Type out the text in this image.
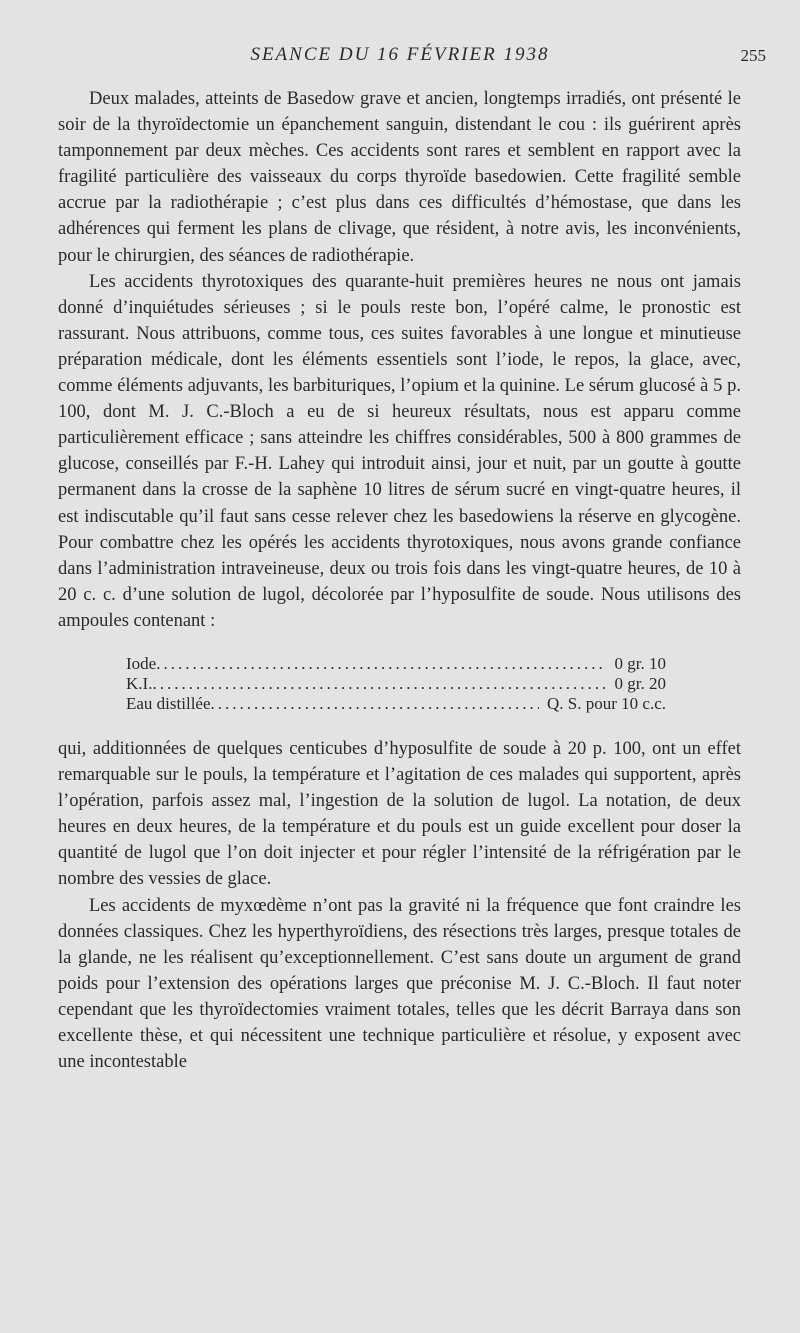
SEANCE DU 16 FÉVRIER 1938	255

Deux malades, atteints de Basedow grave et ancien, longtemps irradiés, ont présenté le soir de la thyroïdectomie un épanchement sanguin, distendant le cou : ils guérirent après tamponnement par deux mèches. Ces accidents sont rares et semblent en rapport avec la fragilité particulière des vaisseaux du corps thyroïde basedowien. Cette fragilité semble accrue par la radiothérapie ; c’est plus dans ces difficultés d’hémostase, que dans les adhérences qui ferment les plans de clivage, que résident, à notre avis, les inconvénients, pour le chirurgien, des séances de radiothérapie.

Les accidents thyrotoxiques des quarante-huit premières heures ne nous ont jamais donné d’inquiétudes sérieuses ; si le pouls reste bon, l’opéré calme, le pronostic est rassurant. Nous attribuons, comme tous, ces suites favorables à une longue et minutieuse préparation médicale, dont les éléments essentiels sont l’iode, le repos, la glace, avec, comme éléments adjuvants, les barbituriques, l’opium et la quinine. Le sérum glucosé à 5 p. 100, dont M. J. C.-Bloch a eu de si heureux résultats, nous est apparu comme particulièrement efficace ; sans atteindre les chiffres considérables, 500 à 800 grammes de glucose, conseillés par F.-H. Lahey qui introduit ainsi, jour et nuit, par un goutte à goutte permanent dans la crosse de la saphène 10 litres de sérum sucré en vingt-quatre heures, il est indiscutable qu’il faut sans cesse relever chez les basedowiens la réserve en glycogène. Pour combattre chez les opérés les accidents thyrotoxiques, nous avons grande confiance dans l’administration intraveineuse, deux ou trois fois dans les vingt-quatre heures, de 10 à 20 c. c. d’une solution de lugol, décolorée par l’hyposulfite de soude. Nous utilisons des ampoules contenant :

Iode .....	0 gr. 10
K.I. .....	0 gr. 20
Eau distillée .....	Q. S. pour 10 c.c.

qui, additionnées de quelques centicubes d’hyposulfite de soude à 20 p. 100, ont un effet remarquable sur le pouls, la température et l’agitation de ces malades qui supportent, après l’opération, parfois assez mal, l’ingestion de la solution de lugol. La notation, de deux heures en deux heures, de la température et du pouls est un guide excellent pour doser la quantité de lugol que l’on doit injecter et pour régler l’intensité de la réfrigération par le nombre des vessies de glace.

Les accidents de myxœdème n’ont pas la gravité ni la fréquence que font craindre les données classiques. Chez les hyperthyroïdiens, des résections très larges, presque totales de la glande, ne les réalisent qu’exceptionnellement. C’est sans doute un argument de grand poids pour l’extension des opérations larges que préconise M. J. C.-Bloch. Il faut noter cependant que les thyroïdectomies vraiment totales, telles que les décrit Barraya dans son excellente thèse, et qui nécessitent une technique particulière et résolue, y exposent avec une incontestable
